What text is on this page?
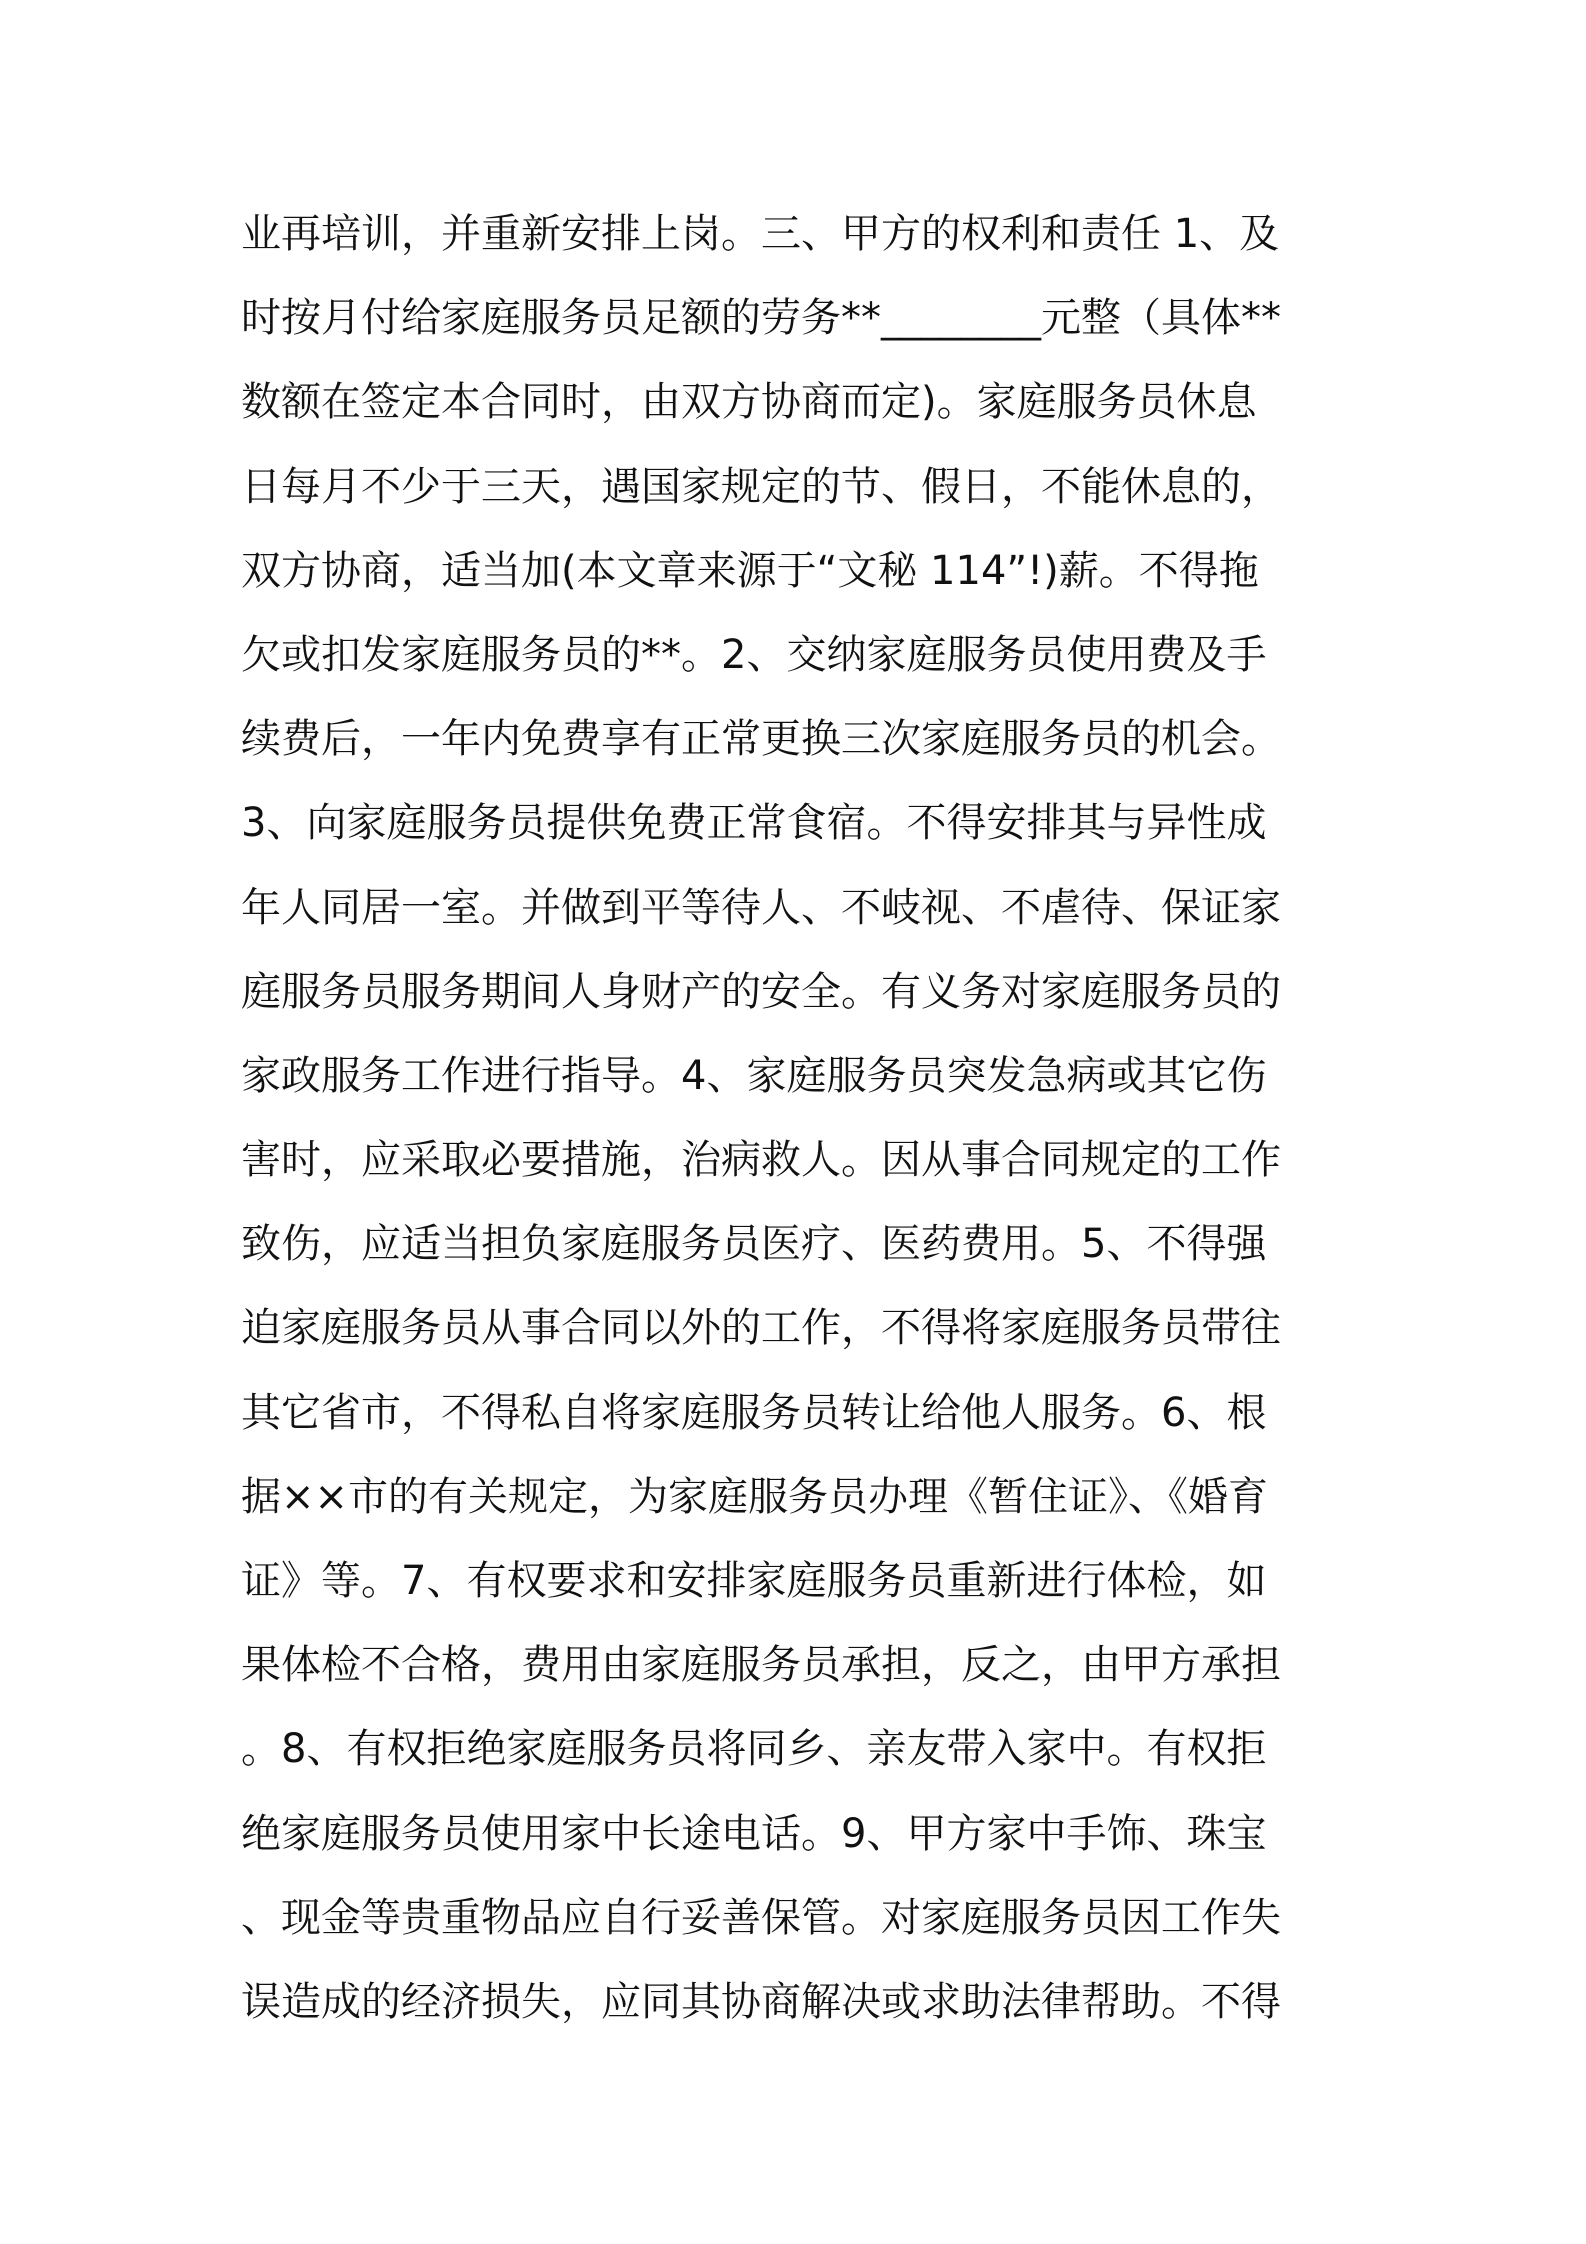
业再培训，并重新安排上岗。三、甲方的权利和责任 1、及
时按月付给家庭服务员足额的劳务**________元整（具体**
数额在签定本合同时，由双方协商而定)。家庭服务员休息
日每月不少于三天，遇国家规定的节、假日，不能休息的，
双方协商，适当加(本文章来源于“文秘 114”!)薪。不得拖
欠或扣发家庭服务员的**。2、交纳家庭服务员使用费及手
续费后，一年内免费享有正常更换三次家庭服务员的机会。
3、向家庭服务员提供免费正常食宿。不得安排其与异性成
年人同居一室。并做到平等待人、不岐视、不虐待、保证家
庭服务员服务期间人身财产的安全。有义务对家庭服务员的
家政服务工作进行指导。4、家庭服务员突发急病或其它伤
害时，应采取必要措施，治病救人。因从事合同规定的工作
致伤，应适当担负家庭服务员医疗、医药费用。5、不得强
迫家庭服务员从事合同以外的工作，不得将家庭服务员带往
其它省市，不得私自将家庭服务员转让给他人服务。6、根
据××市的有关规定，为家庭服务员办理《暂住证》、《婚育
证》等。7、有权要求和安排家庭服务员重新进行体检，如
果体检不合格，费用由家庭服务员承担，反之，由甲方承担
。8、有权拒绝家庭服务员将同乡、亲友带入家中。有权拒
绝家庭服务员使用家中长途电话。9、甲方家中手饰、珠宝
、现金等贵重物品应自行妥善保管。对家庭服务员因工作失
误造成的经济损失，应同其协商解决或求助法律帮助。不得
